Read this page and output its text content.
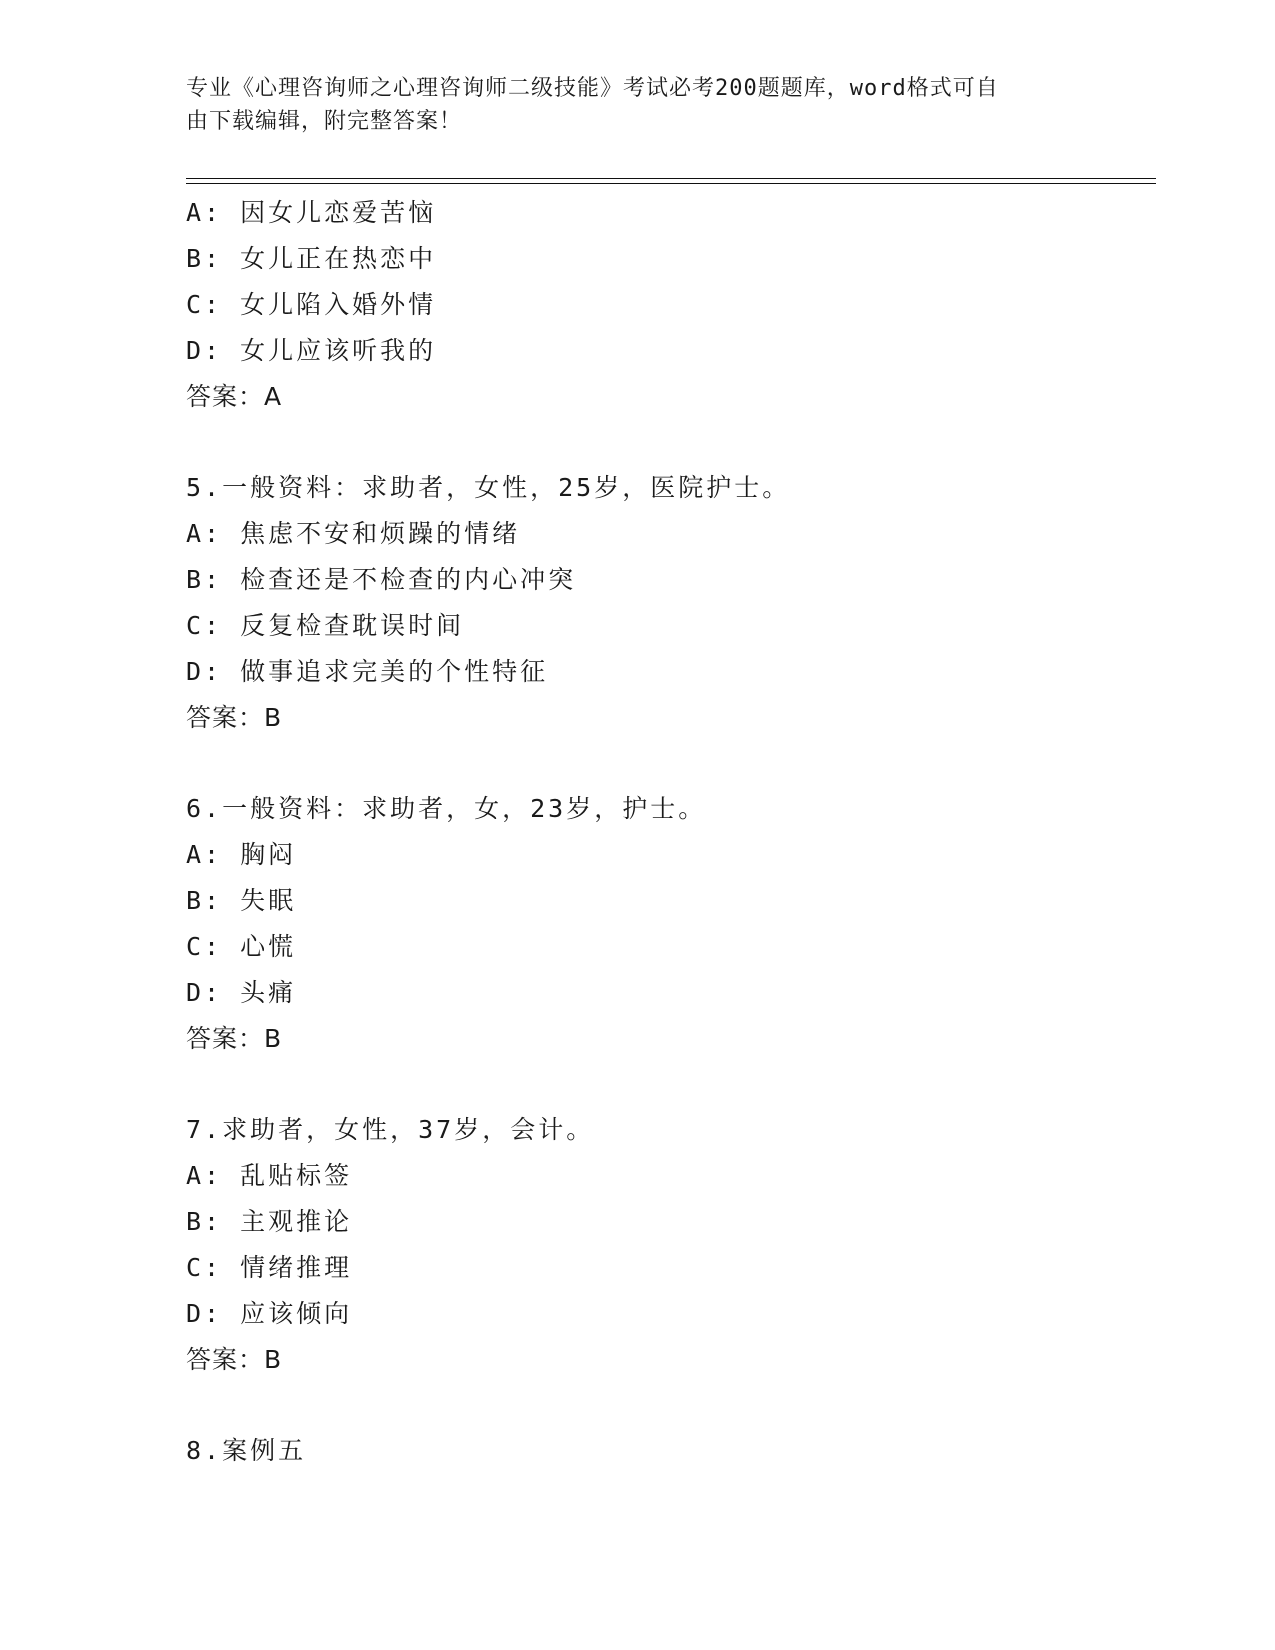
专业《心理咨询师之心理咨询师二级技能》考试必考200题题库，word格式可自
由下载编辑，附完整答案！
A: 因女儿恋爱苦恼
B: 女儿正在热恋中
C: 女儿陷入婚外情
D: 女儿应该听我的
答案：A
5.一般资料：求助者，女性，25岁，医院护士。
A: 焦虑不安和烦躁的情绪
B: 检查还是不检查的内心冲突
C: 反复检查耽误时间
D: 做事追求完美的个性特征
答案：B
6.一般资料：求助者，女，23岁，护士。
A: 胸闷
B: 失眠
C: 心慌
D: 头痛
答案：B
7.求助者，女性，37岁，会计。
A: 乱贴标签
B: 主观推论
C: 情绪推理
D: 应该倾向
答案：B
8.案例五
